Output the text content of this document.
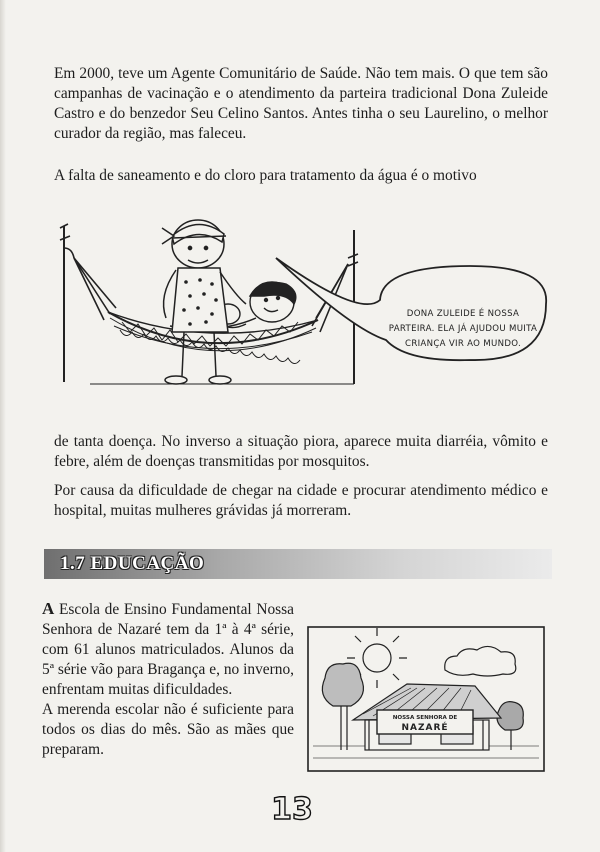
Em 2000, teve um Agente Comunitário de Saúde. Não tem mais. O que tem são campanhas de vacinação e o atendimento da parteira tradicional Dona Zuleide Castro e do benzedor Seu Celino Santos. Antes tinha o seu Laurelino, o melhor curador da região, mas faleceu.

A falta de saneamento e do cloro para tratamento da água é o motivo

DONA ZULEIDE É NOSSA PARTEIRA. ELA JÁ AJUDOU MUITA CRIANÇA VIR AO MUNDO.

de tanta doença. No inverso a situação piora, aparece muita diarréia, vômito e febre, além de doenças transmitidas por mosquitos.

Por causa da dificuldade de chegar na cidade e procurar atendimento médico e hospital, muitas mulheres grávidas já morreram.

1.7 EDUCAÇÃO
A Escola de Ensino Fundamental Nossa Senhora de Nazaré tem da 1ª à 4ª série, com 61 alunos matriculados. Alunos da 5ª série vão para Bragança e, no inverno, enfrentam muitas dificuldades.
A merenda escolar não é suficiente para todos os dias do mês. São as mães que preparam.
NOSSA SENHORA DE
NAZARÉ
13
